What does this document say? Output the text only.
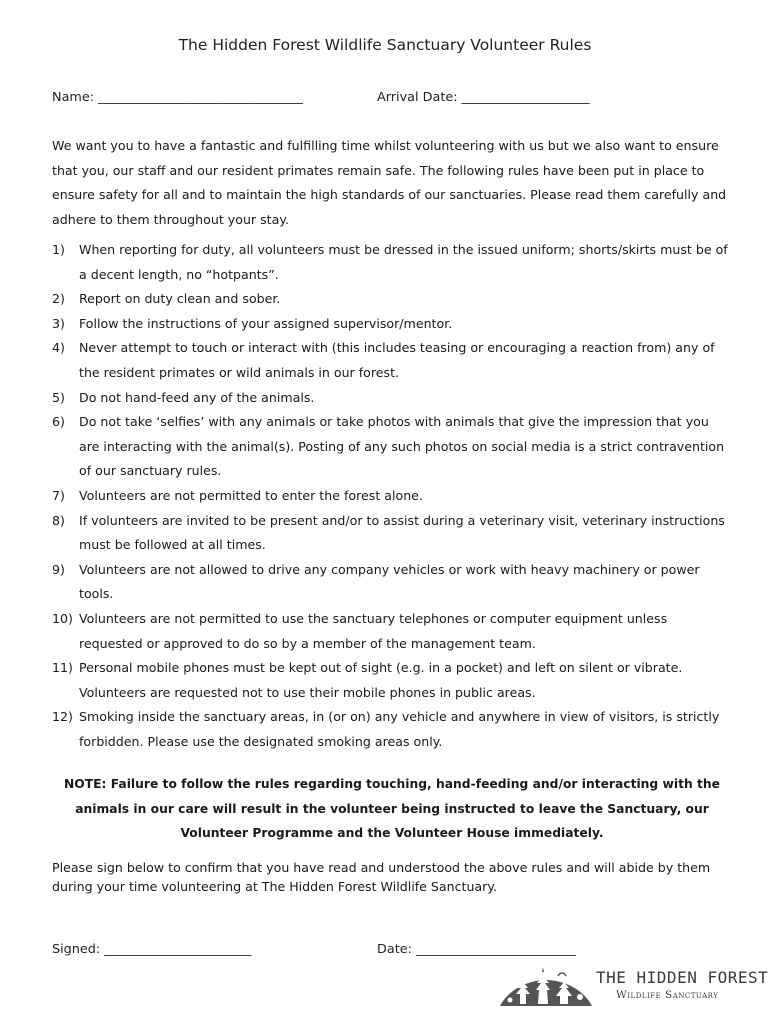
The Hidden Forest Wildlife Sanctuary Volunteer Rules
Name: ________________________________	Arrival Date: ____________________

We want you to have a fantastic and fulfilling time whilst volunteering with us but we also want to ensure that you, our staff and our resident primates remain safe. The following rules have been put in place to ensure safety for all and to maintain the high standards of our sanctuaries. Please read them carefully and adhere to them throughout your stay.

1) When reporting for duty, all volunteers must be dressed in the issued uniform; shorts/skirts must be of a decent length, no “hotpants”.
2) Report on duty clean and sober.
3) Follow the instructions of your assigned supervisor/mentor.
4) Never attempt to touch or interact with (this includes teasing or encouraging a reaction from) any of the resident primates or wild animals in our forest.
5) Do not hand-feed any of the animals.
6) Do not take ‘selfies’ with any animals or take photos with animals that give the impression that you are interacting with the animal(s). Posting of any such photos on social media is a strict contravention of our sanctuary rules.
7) Volunteers are not permitted to enter the forest alone.
8) If volunteers are invited to be present and/or to assist during a veterinary visit, veterinary instructions must be followed at all times.
9) Volunteers are not allowed to drive any company vehicles or work with heavy machinery or power tools.
10) Volunteers are not permitted to use the sanctuary telephones or computer equipment unless requested or approved to do so by a member of the management team.
11) Personal mobile phones must be kept out of sight (e.g. in a pocket) and left on silent or vibrate. Volunteers are requested not to use their mobile phones in public areas.
12) Smoking inside the sanctuary areas, in (or on) any vehicle and anywhere in view of visitors, is strictly forbidden. Please use the designated smoking areas only.

NOTE: Failure to follow the rules regarding touching, hand-feeding and/or interacting with the animals in our care will result in the volunteer being instructed to leave the Sanctuary, our Volunteer Programme and the Volunteer House immediately.

Please sign below to confirm that you have read and understood the above rules and will abide by them during your time volunteering at The Hidden Forest Wildlife Sanctuary.

Signed: _______________________	Date: _________________________
THE HIDDEN FOREST
Wildlife Sanctuary
